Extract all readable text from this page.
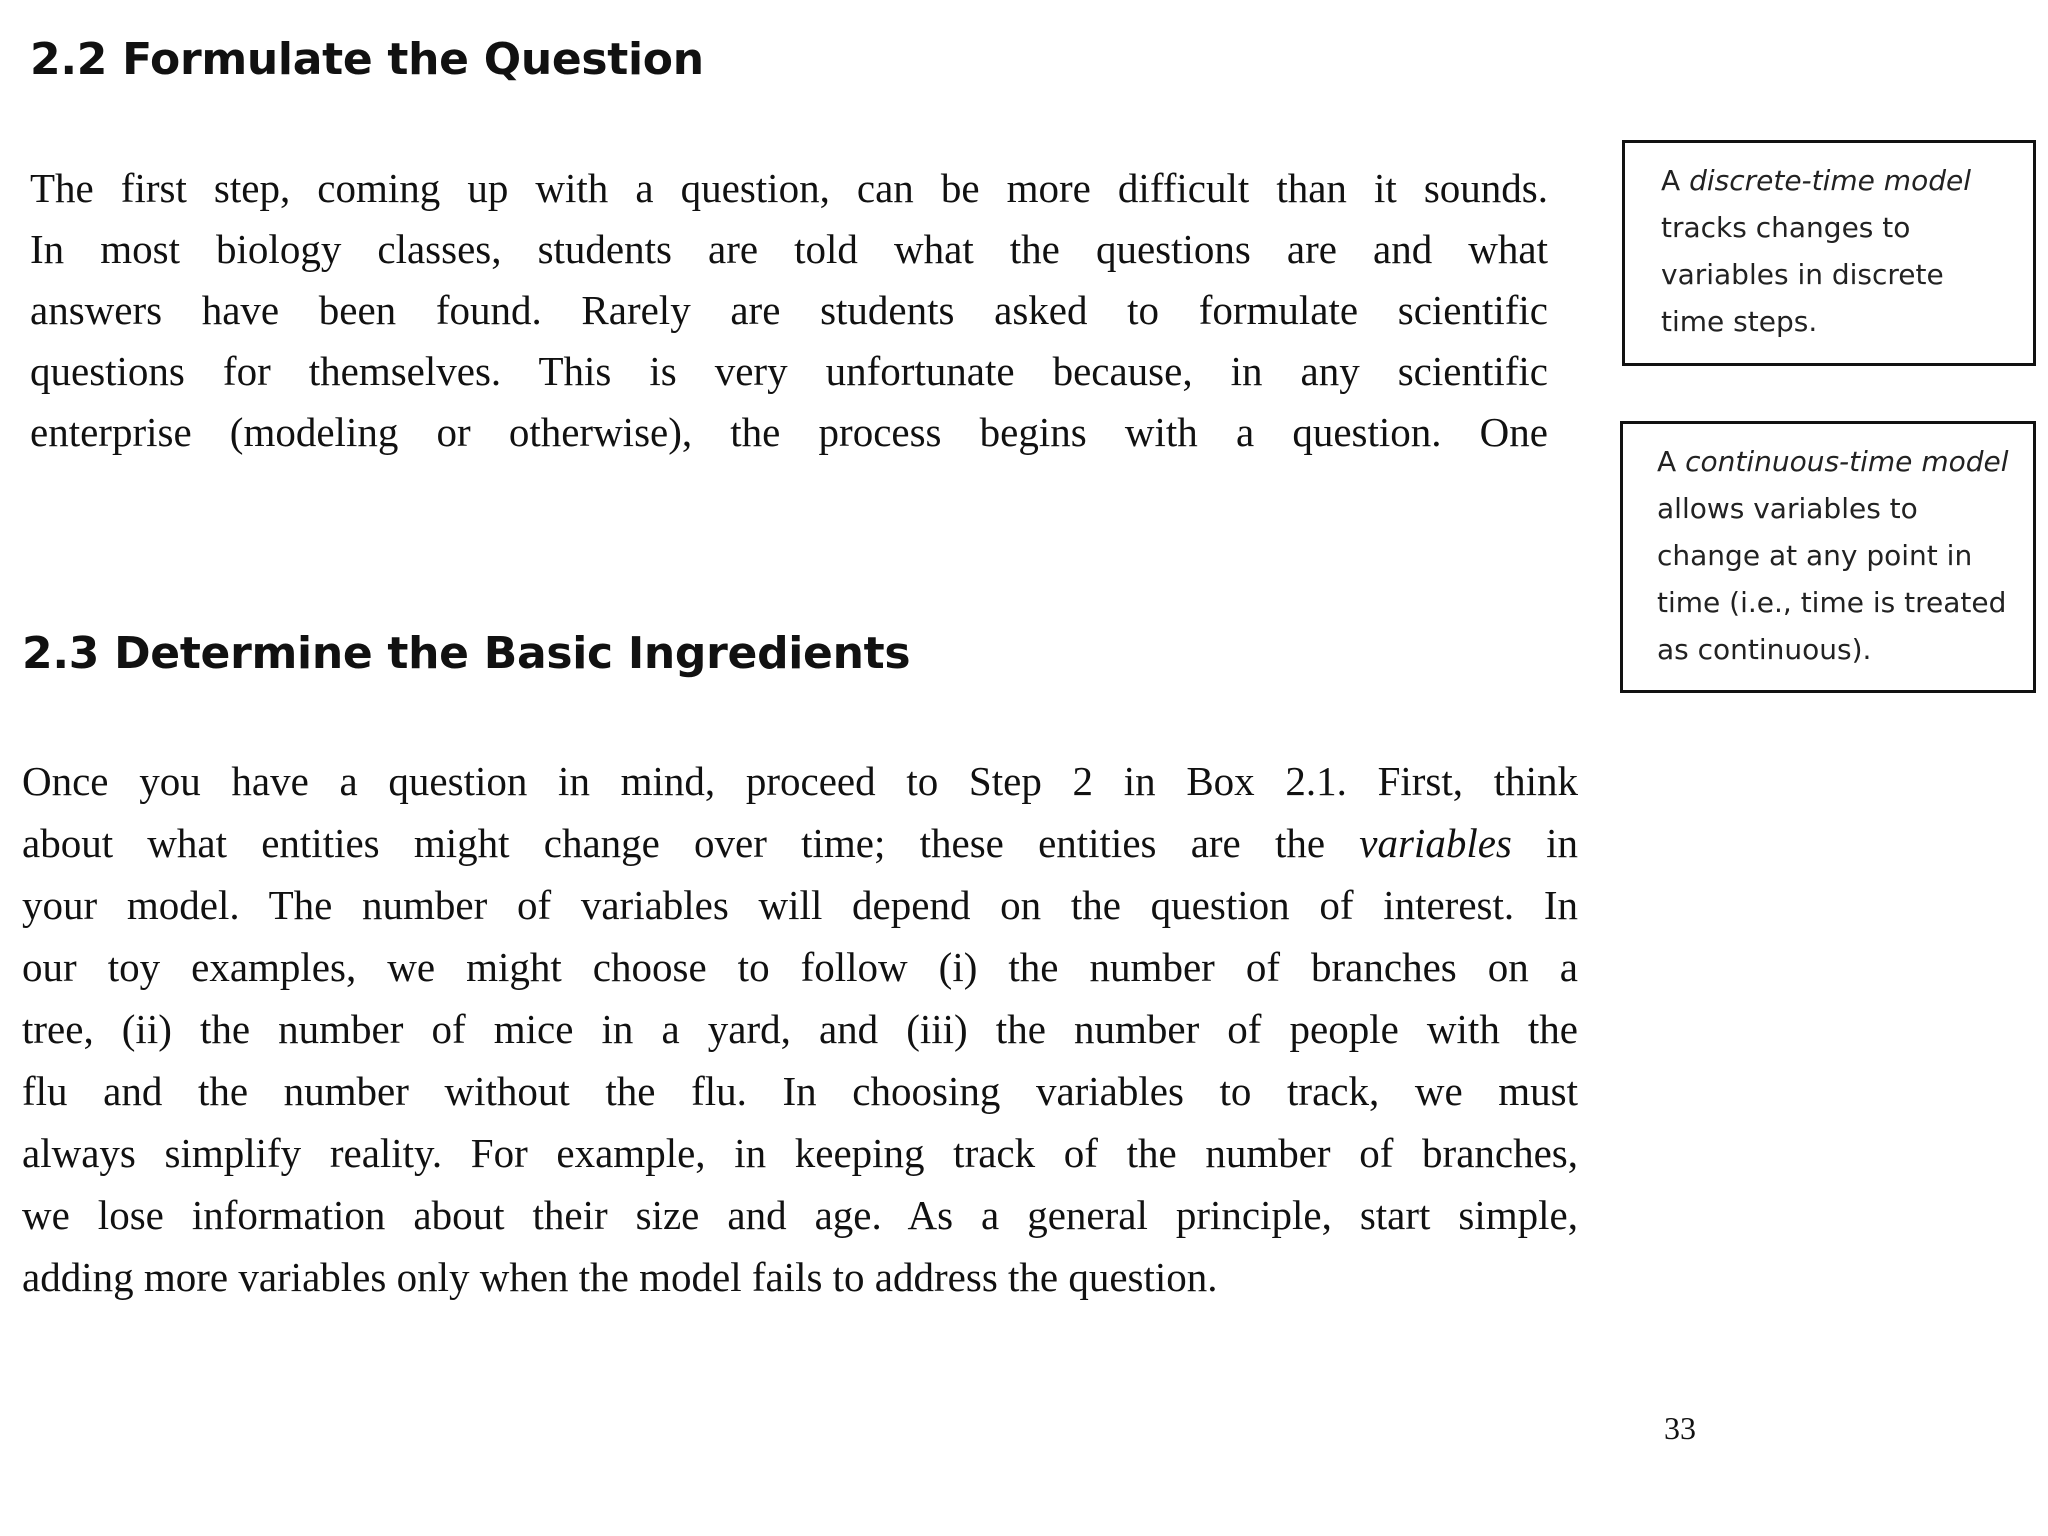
2.2 Formulate the Question

The first step, coming up with a question, can be more difficult than it sounds.
In most biology classes, students are told what the questions are and what
answers have been found. Rarely are students asked to formulate scientific
questions for themselves. This is very unfortunate because, in any scientific
enterprise (modeling or otherwise), the process begins with a question. One

A discrete-time model
tracks changes to
variables in discrete
time steps.
A continuous-time model
allows variables to
change at any point in
time (i.e., time is treated
as continuous).
2.3 Determine the Basic Ingredients

Once you have a question in mind, proceed to Step 2 in Box 2.1. First, think
about what entities might change over time; these entities are the variables in
your model. The number of variables will depend on the question of interest. In
our toy examples, we might choose to follow (i) the number of branches on a
tree, (ii) the number of mice in a yard, and (iii) the number of people with the
flu and the number without the flu. In choosing variables to track, we must
always simplify reality. For example, in keeping track of the number of branches,
we lose information about their size and age. As a general principle, start simple,
adding more variables only when the model fails to address the question.

33
